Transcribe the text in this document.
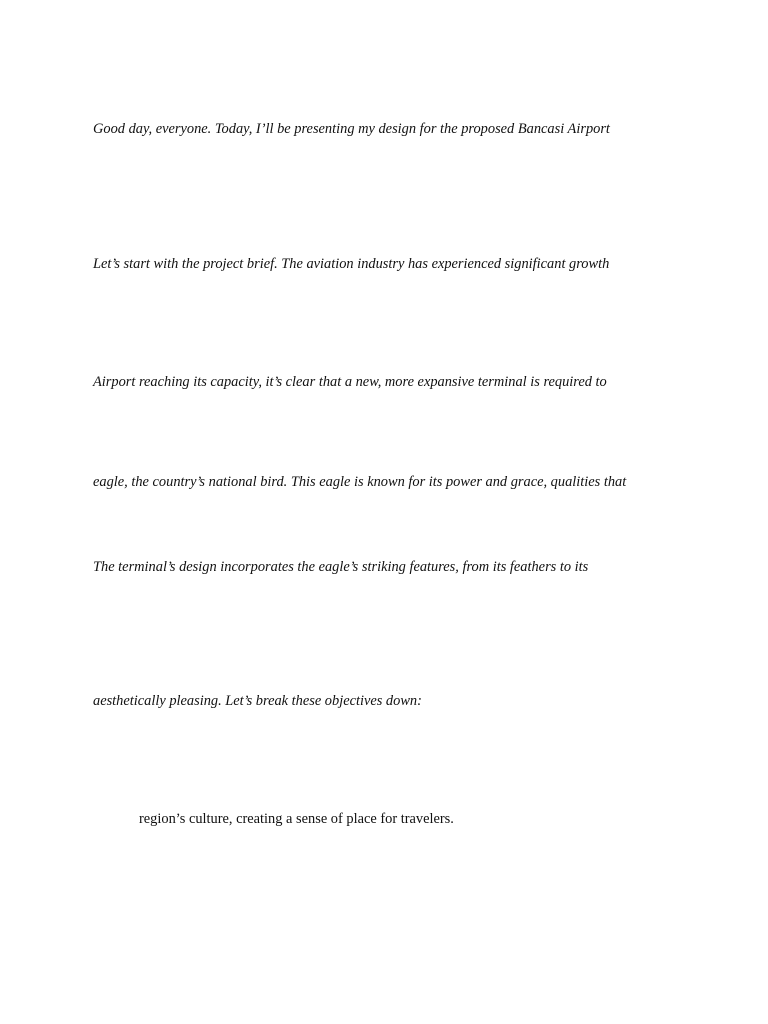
Good day, everyone. Today, I’ll be presenting my design for the proposed Bancasi Airport
Let’s start with the project brief. The aviation industry has experienced significant growth
Airport reaching its capacity, it’s clear that a new, more expansive terminal is required to
eagle, the country’s national bird. This eagle is known for its power and grace, qualities that
The terminal’s design incorporates the eagle’s striking features, from its feathers to its
aesthetically pleasing. Let’s break these objectives down:
region’s culture, creating a sense of place for travelers.
